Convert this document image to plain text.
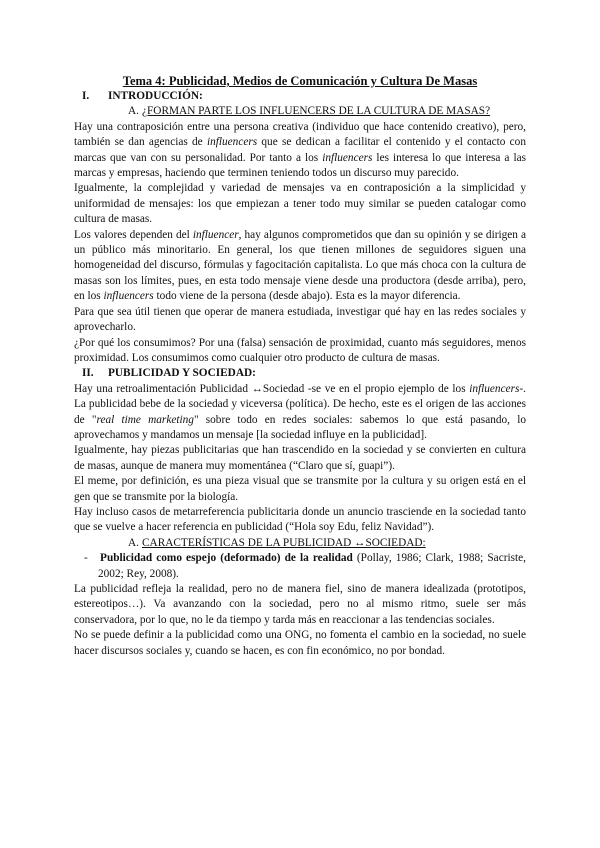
Tema 4: Publicidad, Medios de Comunicación y Cultura De Masas
I. INTRODUCCIÓN:
A. ¿FORMAN PARTE LOS INFLUENCERS DE LA CULTURA DE MASAS?

Hay una contraposición entre una persona creativa (individuo que hace contenido creativo), pero, también se dan agencias de influencers que se dedican a facilitar el contenido y el contacto con marcas que van con su personalidad. Por tanto a los influencers les interesa lo que interesa a las marcas y empresas, haciendo que terminen teniendo todos un discurso muy parecido.

Igualmente, la complejidad y variedad de mensajes va en contraposición a la simplicidad y uniformidad de mensajes: los que empiezan a tener todo muy similar se pueden catalogar como cultura de masas.

Los valores dependen del influencer, hay algunos comprometidos que dan su opinión y se dirigen a un público más minoritario. En general, los que tienen millones de seguidores siguen una homogeneidad del discurso, fórmulas y fagocitación capitalista. Lo que más choca con la cultura de masas son los límites, pues, en esta todo mensaje viene desde una productora (desde arriba), pero, en los influencers todo viene de la persona (desde abajo). Esta es la mayor diferencia.

Para que sea útil tienen que operar de manera estudiada, investigar qué hay en las redes sociales y aprovecharlo.

¿Por qué los consumimos? Por una (falsa) sensación de proximidad, cuanto más seguidores, menos proximidad. Los consumimos como cualquier otro producto de cultura de masas.

II. PUBLICIDAD Y SOCIEDAD:

Hay una retroalimentación Publicidad ↔Sociedad -se ve en el propio ejemplo de los influencers-. La publicidad bebe de la sociedad y viceversa (política). De hecho, este es el origen de las acciones de "real time marketing" sobre todo en redes sociales: sabemos lo que está pasando, lo aprovechamos y mandamos un mensaje [la sociedad influye en la publicidad].

Igualmente, hay piezas publicitarias que han trascendido en la sociedad y se convierten en cultura de masas, aunque de manera muy momentánea (“Claro que sí, guapi”).

El meme, por definición, es una pieza visual que se transmite por la cultura y su origen está en el gen que se transmite por la biología.

Hay incluso casos de metarreferencia publicitaria donde un anuncio trasciende en la sociedad tanto que se vuelve a hacer referencia en publicidad (“Hola soy Edu, feliz Navidad”).

A. CARACTERÍSTICAS DE LA PUBLICIDAD ↔SOCIEDAD:

- Publicidad como espejo (deformado) de la realidad (Pollay, 1986; Clark, 1988; Sacriste, 2002; Rey, 2008).

La publicidad refleja la realidad, pero no de manera fiel, sino de manera idealizada (prototipos, estereotipos…). Va avanzando con la sociedad, pero no al mismo ritmo, suele ser más conservadora, por lo que, no le da tiempo y tarda más en reaccionar a las tendencias sociales.

No se puede definir a la publicidad como una ONG, no fomenta el cambio en la sociedad, no suele hacer discursos sociales y, cuando se hacen, es con fin económico, no por bondad.
